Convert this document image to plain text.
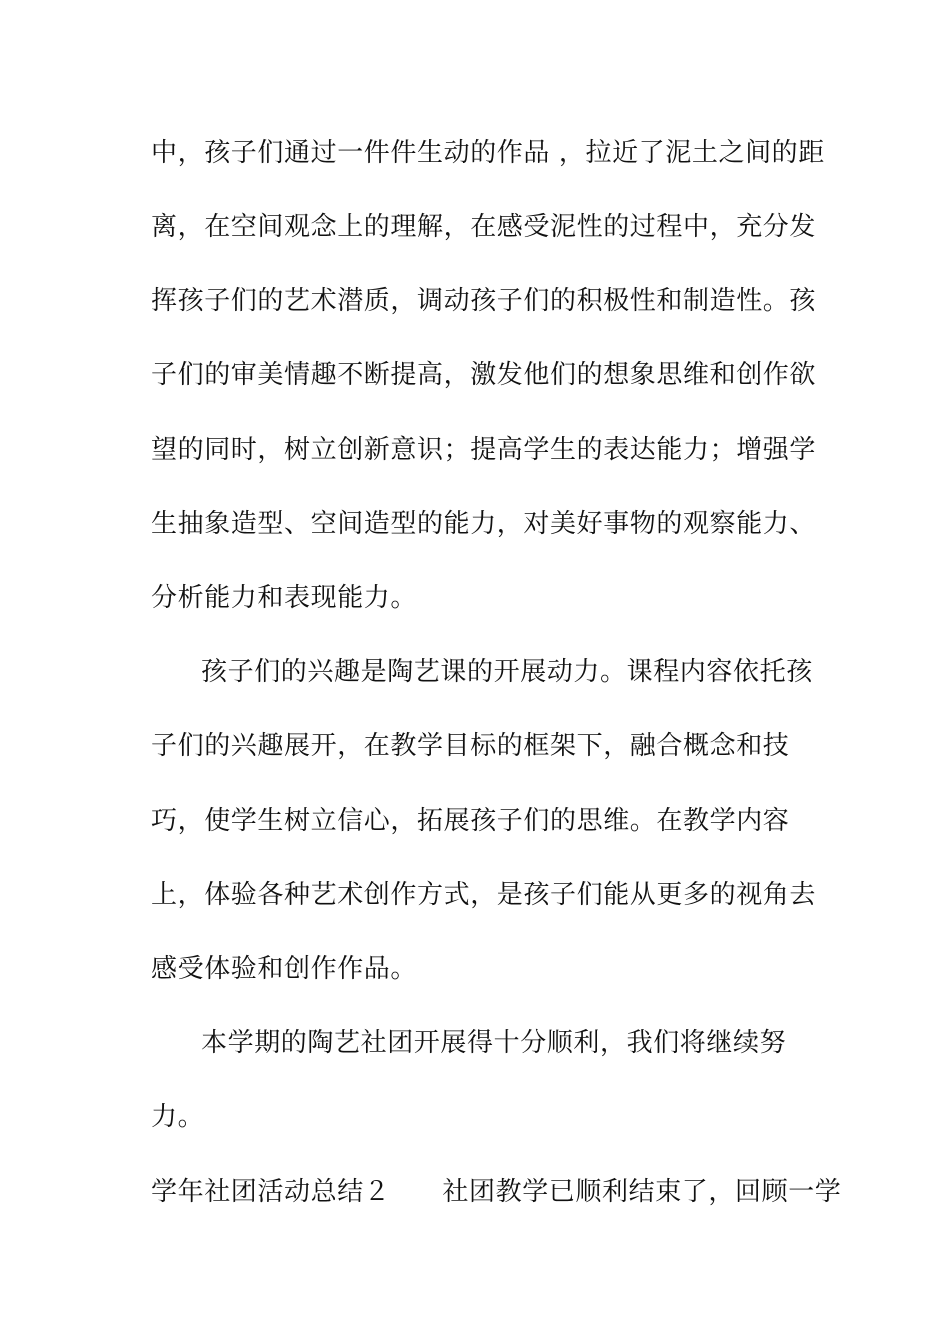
中，孩子们通过一件件生动的作品 ，拉近了泥土之间的距
离，在空间观念上的理解，在感受泥性的过程中，充分发
挥孩子们的艺术潜质，调动孩子们的积极性和制造性。孩
子们的审美情趣不断提高，激发他们的想象思维和创作欲
望的同时，树立创新意识；提高学生的表达能力；增强学
生抽象造型、空间造型的能力，对美好事物的观察能力、
分析能力和表现能力。
孩子们的兴趣是陶艺课的开展动力。课程内容依托孩
子们的兴趣展开，在教学目标的框架下，融合概念和技
巧，使学生树立信心，拓展孩子们的思维。在教学内容
上，体验各种艺术创作方式，是孩子们能从更多的视角去
感受体验和创作作品。
本学期的陶艺社团开展得十分顺利，我们将继续努
力。
学年社团活动总结２ 社团教学已顺利结束了，回顾一学
